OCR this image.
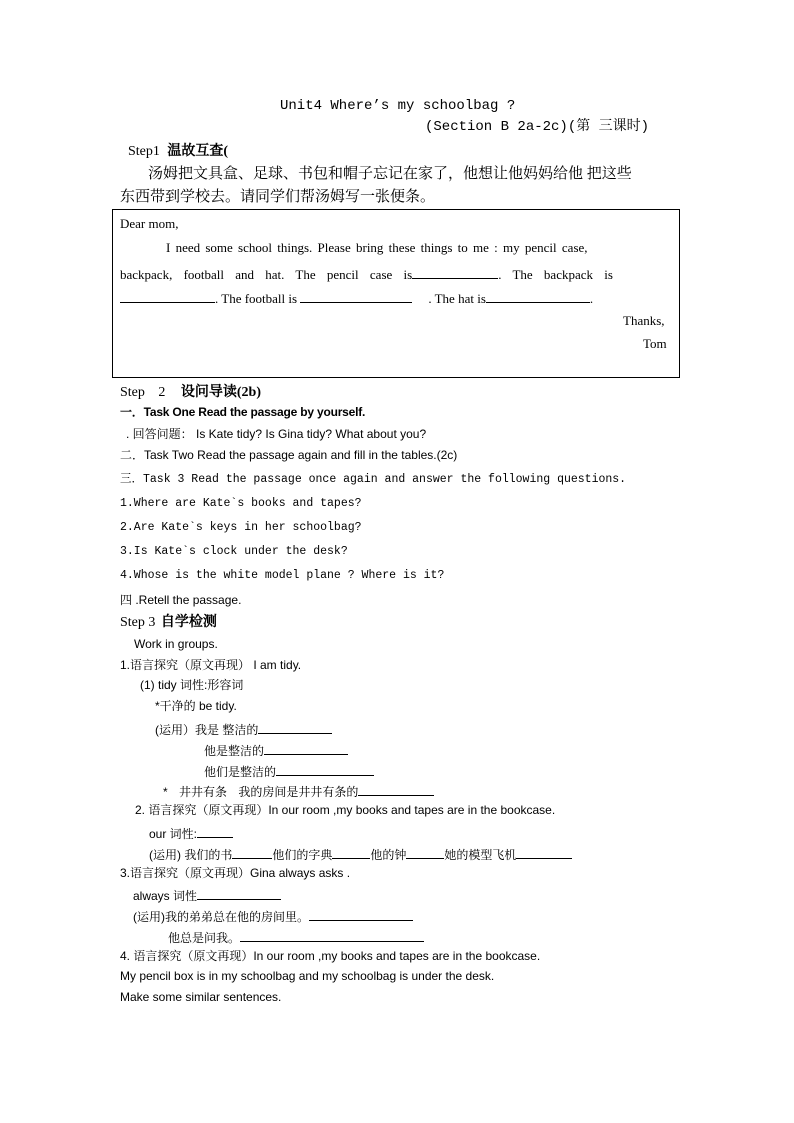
Unit4 Where’s my schoolbag ?
(Section B 2a-2c)(第 三课时)
Step1 温故互查(
汤姆把文具盒、足球、书包和帽子忘记在家了，他想让他妈妈给他 把这些
东西带到学校去。请同学们帮汤姆写一张便条。
Dear mom,
I need some school things. Please bring these things to me : my pencil case,
backpack, football and hat. The pencil case is	. The backpack is
. The football is	. The hat is	.
Thanks,
Tom
Step 2 设问导读(2b)
一．Task One Read the passage by yourself.
. 回答问题： Is Kate tidy? Is Gina tidy? What about you?
二．Task Two Read the passage again and fill in the tables.(2c)
三．Task 3 Read the passage once again and answer the following questions.
1.Where are Kate`s books and tapes?
2.Are Kate`s keys in her schoolbag?
3.Is Kate`s clock under the desk?
4.Whose is the white model plane ? Where is it?
四 .Retell the passage.
Step 3 自学检测
Work in groups.
1.语言探究（原文再现） I am tidy.
(1) tidy 词性:形容词
*干净的 be tidy.
(运用）我是 整洁的
他是整洁的
他们是整洁的
* 井井有条 我的房间是井井有条的
2. 语言探究（原文再现）In our room ,my books and tapes are in the bookcase.
our 词性:
(运用) 我们的书	他们的字典	他的钟	她的模型飞机
3.语言探究（原文再现）Gina always asks .
always 词性
(运用)我的弟弟总在他的房间里。
他总是问我。
4. 语言探究（原文再现）In our room ,my books and tapes are in the bookcase.
My pencil box is in my schoolbag and my schoolbag is under the desk.
Make some similar sentences.
